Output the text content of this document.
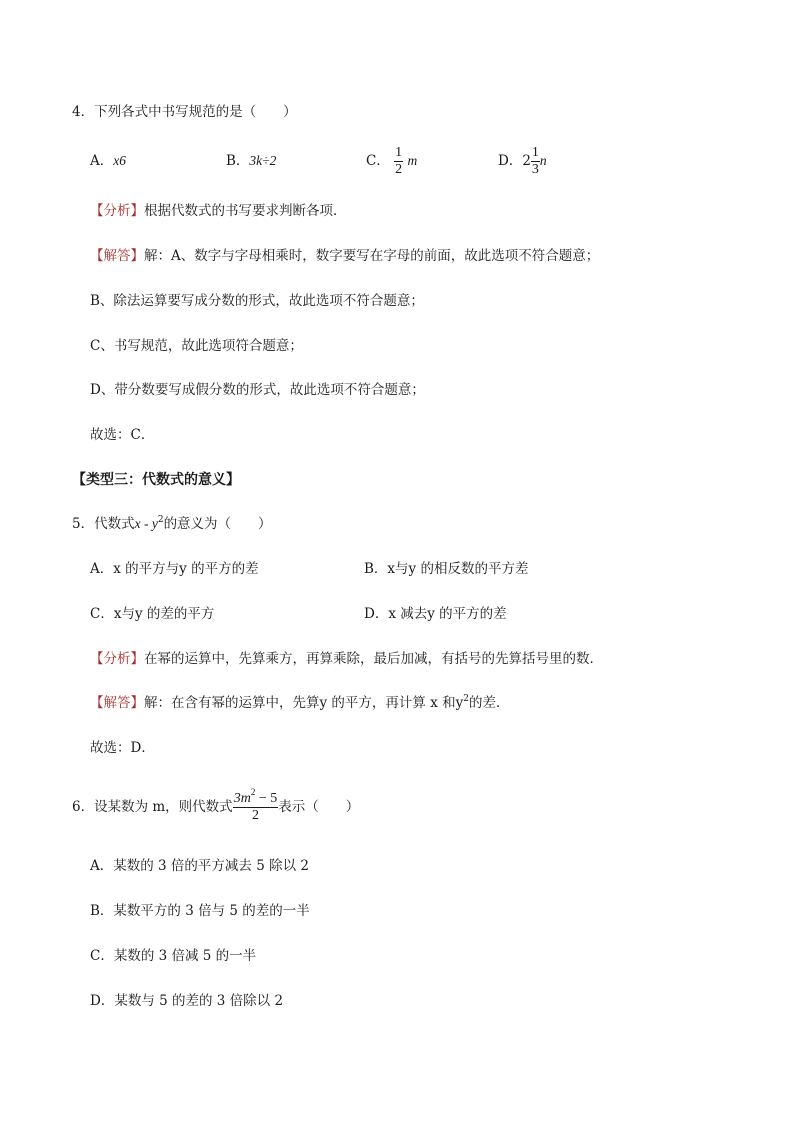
4．下列各式中书写规范的是（　　）
A．x6	B．3k÷2	C． $\frac{1}{2}$ m	D．$2 \frac{1}{3}$ n
【分析】根据代数式的书写要求判断各项．
【解答】解：A、数字与字母相乘时，数字要写在字母的前面，故此选项不符合题意；
B、除法运算要写成分数的形式，故此选项不符合题意；
C、书写规范，故此选项符合题意；
D、带分数要写成假分数的形式，故此选项不符合题意；
故选：C．
【类型三：代数式的意义】
5．代数式x - $y^2$的意义为（　　）
A．x 的平方与y 的平方的差	B．x与y 的相反数的平方差
C．x与y 的差的平方	D．x 减去y 的平方的差
【分析】在幂的运算中，先算乘方，再算乘除，最后加减，有括号的先算括号里的数．
【解答】解：在含有幂的运算中，先算y 的平方，再计算 x 和$y^2$的差．
故选：D．
6．设某数为 m，则代数式 $\frac{3m^2 - 5}{2}$ 表示（　　）
A．某数的 3 倍的平方减去 5 除以 2
B．某数平方的 3 倍与 5 的差的一半
C．某数的 3 倍减 5 的一半
D．某数与 5 的差的 3 倍除以 2
